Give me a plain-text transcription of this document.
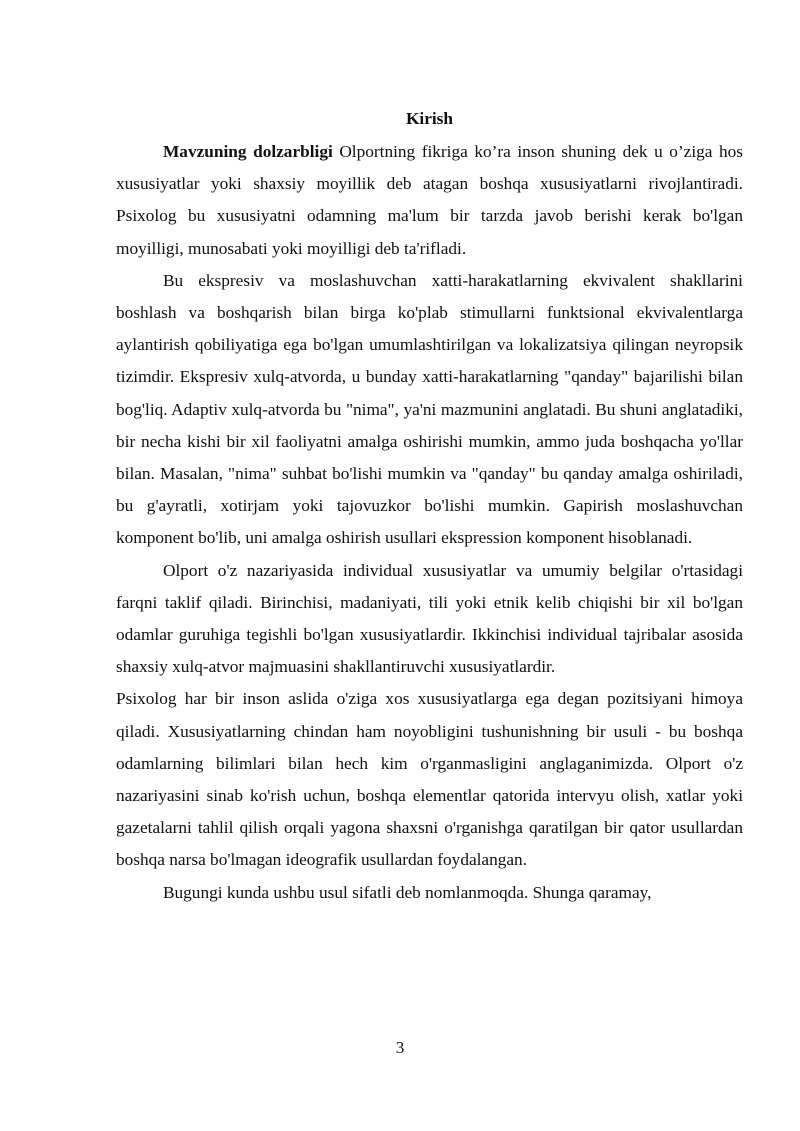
Kirish

Mavzuning dolzarbligi Olportning fikriga ko’ra inson shuning dek u o’ziga hos xususiyatlar yoki shaxsiy moyillik deb atagan boshqa xususiyatlarni rivojlantiradi. Psixolog bu xususiyatni odamning ma'lum bir tarzda javob berishi kerak bo'lgan moyilligi, munosabati yoki moyilligi deb ta'rifladi.

Bu ekspresiv va moslashuvchan xatti-harakatlarning ekvivalent shakllarini boshlash va boshqarish bilan birga ko'plab stimullarni funktsional ekvivalentlarga aylantirish qobiliyatiga ega bo'lgan umumlashtirilgan va lokalizatsiya qilingan neyropsik tizimdir. Ekspresiv xulq-atvorda, u bunday xatti-harakatlarning "qanday" bajarilishi bilan bog'liq. Adaptiv xulq-atvorda bu "nima", ya'ni mazmunini anglatadi. Bu shuni anglatadiki, bir necha kishi bir xil faoliyatni amalga oshirishi mumkin, ammo juda boshqacha yo'llar bilan. Masalan, "nima" suhbat bo'lishi mumkin va "qanday" bu qanday amalga oshiriladi, bu g'ayratli, xotirjam yoki tajovuzkor bo'lishi mumkin. Gapirish moslashuvchan komponent bo'lib, uni amalga oshirish usullari ekspression komponent hisoblanadi.

Olport o'z nazariyasida individual xususiyatlar va umumiy belgilar o'rtasidagi farqni taklif qiladi. Birinchisi, madaniyati, tili yoki etnik kelib chiqishi bir xil bo'lgan odamlar guruhiga tegishli bo'lgan xususiyatlardir. Ikkinchisi individual tajribalar asosida shaxsiy xulq-atvor majmuasini shakllantiruvchi xususiyatlardir.

Psixolog har bir inson aslida o'ziga xos xususiyatlarga ega degan pozitsiyani himoya qiladi. Xususiyatlarning chindan ham noyobligini tushunishning bir usuli - bu boshqa odamlarning bilimlari bilan hech kim o'rganmasligini anglaganimizda. Olport o'z nazariyasini sinab ko'rish uchun, boshqa elementlar qatorida intervyu olish, xatlar yoki gazetalarni tahlil qilish orqali yagona shaxsni o'rganishga qaratilgan bir qator usullardan boshqa narsa bo'lmagan ideografik usullardan foydalangan.

Bugungi kunda ushbu usul sifatli deb nomlanmoqda. Shunga qaramay,

3
